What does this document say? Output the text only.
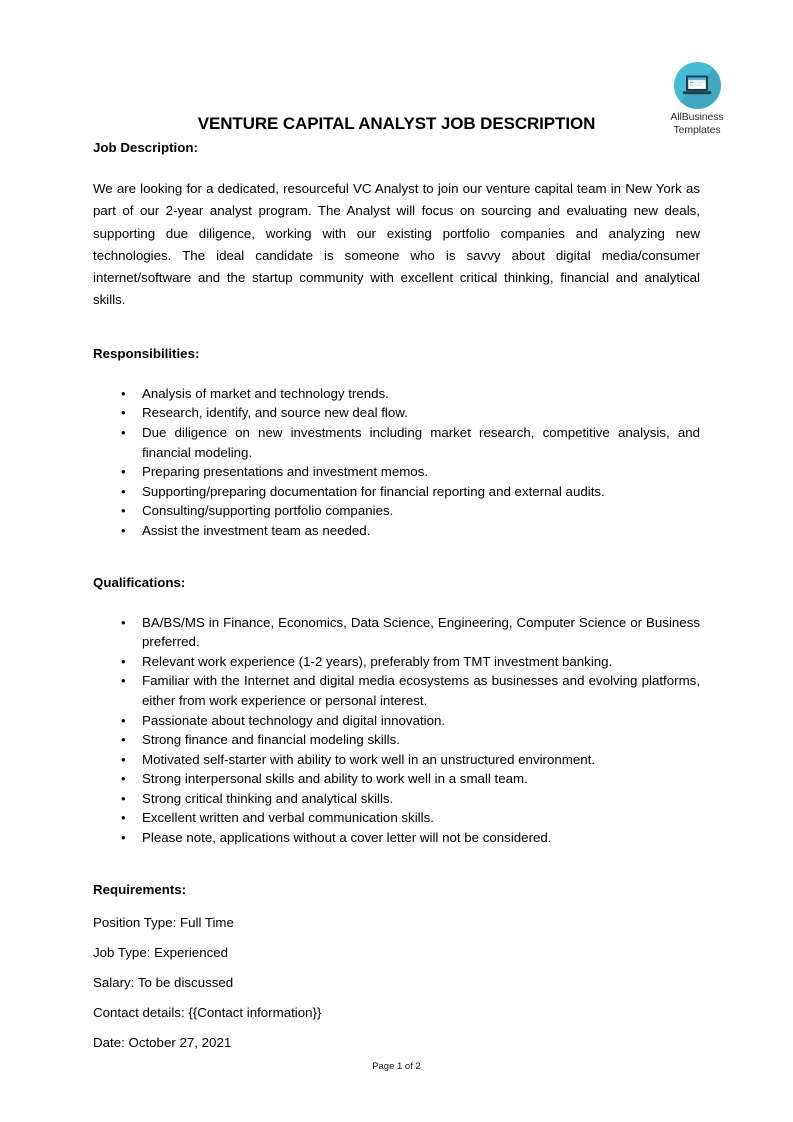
AllBusiness
Templates
VENTURE CAPITAL ANALYST JOB DESCRIPTION
Job Description:

We are looking for a dedicated, resourceful VC Analyst to join our venture capital team in New York as part of our 2-year analyst program. The Analyst will focus on sourcing and evaluating new deals, supporting due diligence, working with our existing portfolio companies and analyzing new technologies. The ideal candidate is someone who is savvy about digital media/consumer internet/software and the startup community with excellent critical thinking, financial and analytical skills.

Responsibilities:
• Analysis of market and technology trends.
• Research, identify, and source new deal flow.
• Due diligence on new investments including market research, competitive analysis, and financial modeling.
• Preparing presentations and investment memos.
• Supporting/preparing documentation for financial reporting and external audits.
• Consulting/supporting portfolio companies.
• Assist the investment team as needed.
Qualifications:
• BA/BS/MS in Finance, Economics, Data Science, Engineering, Computer Science or Business preferred.
• Relevant work experience (1-2 years), preferably from TMT investment banking.
• Familiar with the Internet and digital media ecosystems as businesses and evolving platforms, either from work experience or personal interest.
• Passionate about technology and digital innovation.
• Strong finance and financial modeling skills.
• Motivated self-starter with ability to work well in an unstructured environment.
• Strong interpersonal skills and ability to work well in a small team.
• Strong critical thinking and analytical skills.
• Excellent written and verbal communication skills.
• Please note, applications without a cover letter will not be considered.
Requirements:

Position Type: Full Time

Job Type: Experienced

Salary: To be discussed

Contact details: {{Contact information}}

Date: October 27, 2021

Page 1 of 2
